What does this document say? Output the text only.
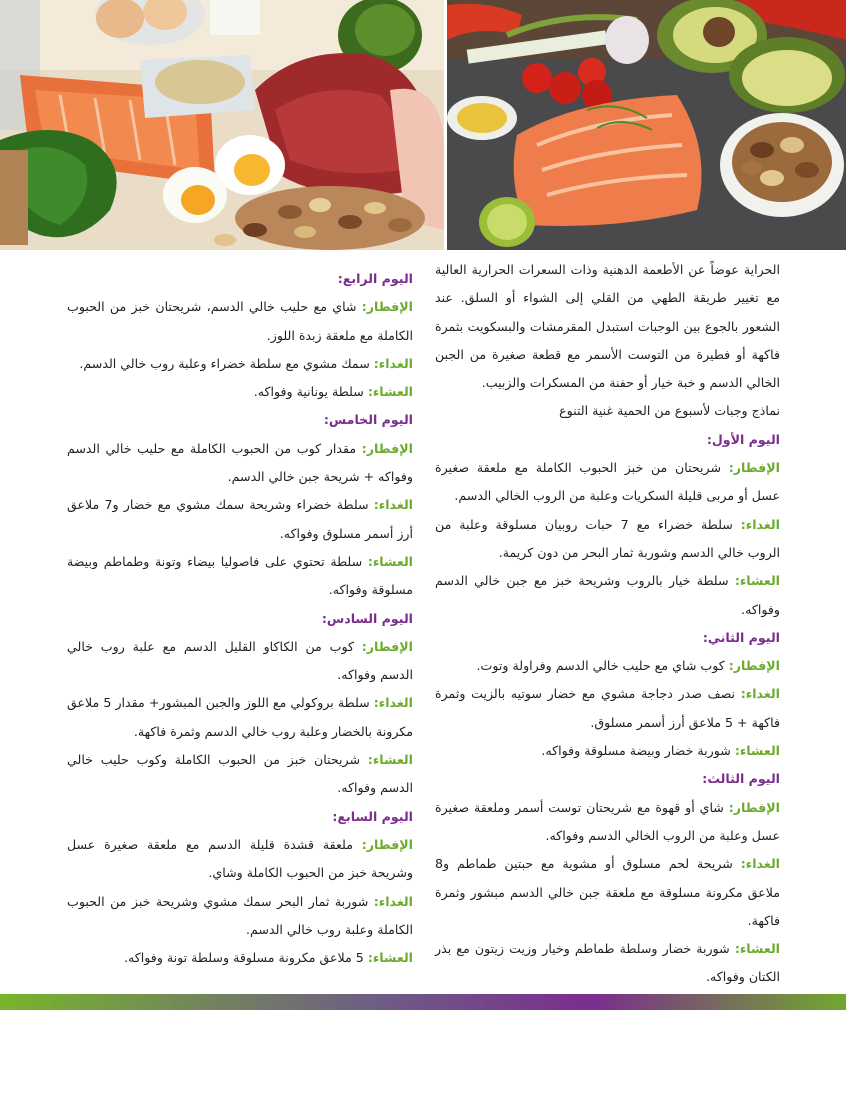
الحراية عوضاً عن الأطعمة الدهنية وذات السعرات الحرارية العالية مع تغيير طريقة الطهي من القلي إلى الشواء أو السلق. عند الشعور بالجوع بين الوجبات استبدل المقرمشات والبسكويت بثمرة فاكهة أو فطيرة من التوست الأسمر مع قطعة صغيرة من الجبن الخالي الدسم و خبة خيار أو حفنة من المسكرات والزبيب.

نماذج وجبات لأسبوع من الحمية غنية التنوع

اليوم الأول:

الإفطار: شريحتان من خبز الحبوب الكاملة مع ملعقة صغيرة عسل أو مربى قليلة السكريات وعلبة من الروب الخالي الدسم.

الغداء: سلطة خضراء مع 7 حبات روبيان مسلوقة وعلبة من الروب خالي الدسم وشوربة ثمار البحر من دون كريمة.

العشاء: سلطة خيار بالروب وشريحة خبز مع جبن خالي الدسم وفواكه.

اليوم الثاني:

الإفطار: كوب شاي مع حليب خالي الدسم وفراولة وتوت.

الغداء: نصف صدر دجاجة مشوي مع خضار سوتيه بالزيت وثمرة فاكهة + 5 ملاعق أرز أسمر مسلوق.

العشاء: شوربة خضار وبيضة مسلوقة وفواكه.

اليوم الثالث:

الإفطار: شاي أو قهوة مع شريحتان توست أسمر وملعقة صغيرة عسل وعلبة من الروب الخالي الدسم وفواكه.

الغداء: شريحة لحم مسلوق أو مشوية مع حبتين طماطم و8 ملاعق مكرونة مسلوقة مع ملعقة جبن خالي الدسم مبشور وثمرة فاكهة.

العشاء: شوربة خضار وسلطة طماطم وخيار وزيت زيتون مع بذر الكتان وفواكه.

اليوم الرابع:

الإفطار: شاي مع حليب خالي الدسم، شريحتان خبز من الحبوب الكاملة مع ملعقة زبدة اللوز.

الغداء: سمك مشوي مع سلطة خضراء وعلبة روب خالي الدسم.

العشاء: سلطة يونانية وفواكه.

اليوم الخامس:

الإفطار: مقدار كوب من الحبوب الكاملة مع حليب خالي الدسم وفواكه + شريحة جبن خالي الدسم.

الغداء: سلطة خضراء وشريحة سمك مشوي مع خضار و7 ملاعق أرز أسمر مسلوق وفواكه.

العشاء: سلطة تحتوي على فاصوليا بيضاء وتونة وطماطم وبيضة مسلوقة وفواكه.

اليوم السادس:

الإفطار: كوب من الكاكاو القليل الدسم مع علبة روب خالي الدسم وفواكه.

الغداء: سلطة بروكولي مع اللوز والجبن المبشور+ مقدار 5 ملاعق مكرونة بالخضار وعلبة روب خالي الدسم وثمرة فاكهة.

العشاء: شريحتان خبز من الحبوب الكاملة وكوب حليب خالي الدسم وفواكه.

اليوم السابع:

الإفطار: ملعقة قشدة قليلة الدسم مع ملعقة صغيرة عسل وشريحة خبز من الحبوب الكاملة وشاي.

الغداء: شوربة ثمار البحر سمك مشوي وشريحة خبز من الحبوب الكاملة وعلبة روب خالي الدسم.

العشاء: 5 ملاعق مكرونة مسلوقة وسلطة تونة وفواكه.
